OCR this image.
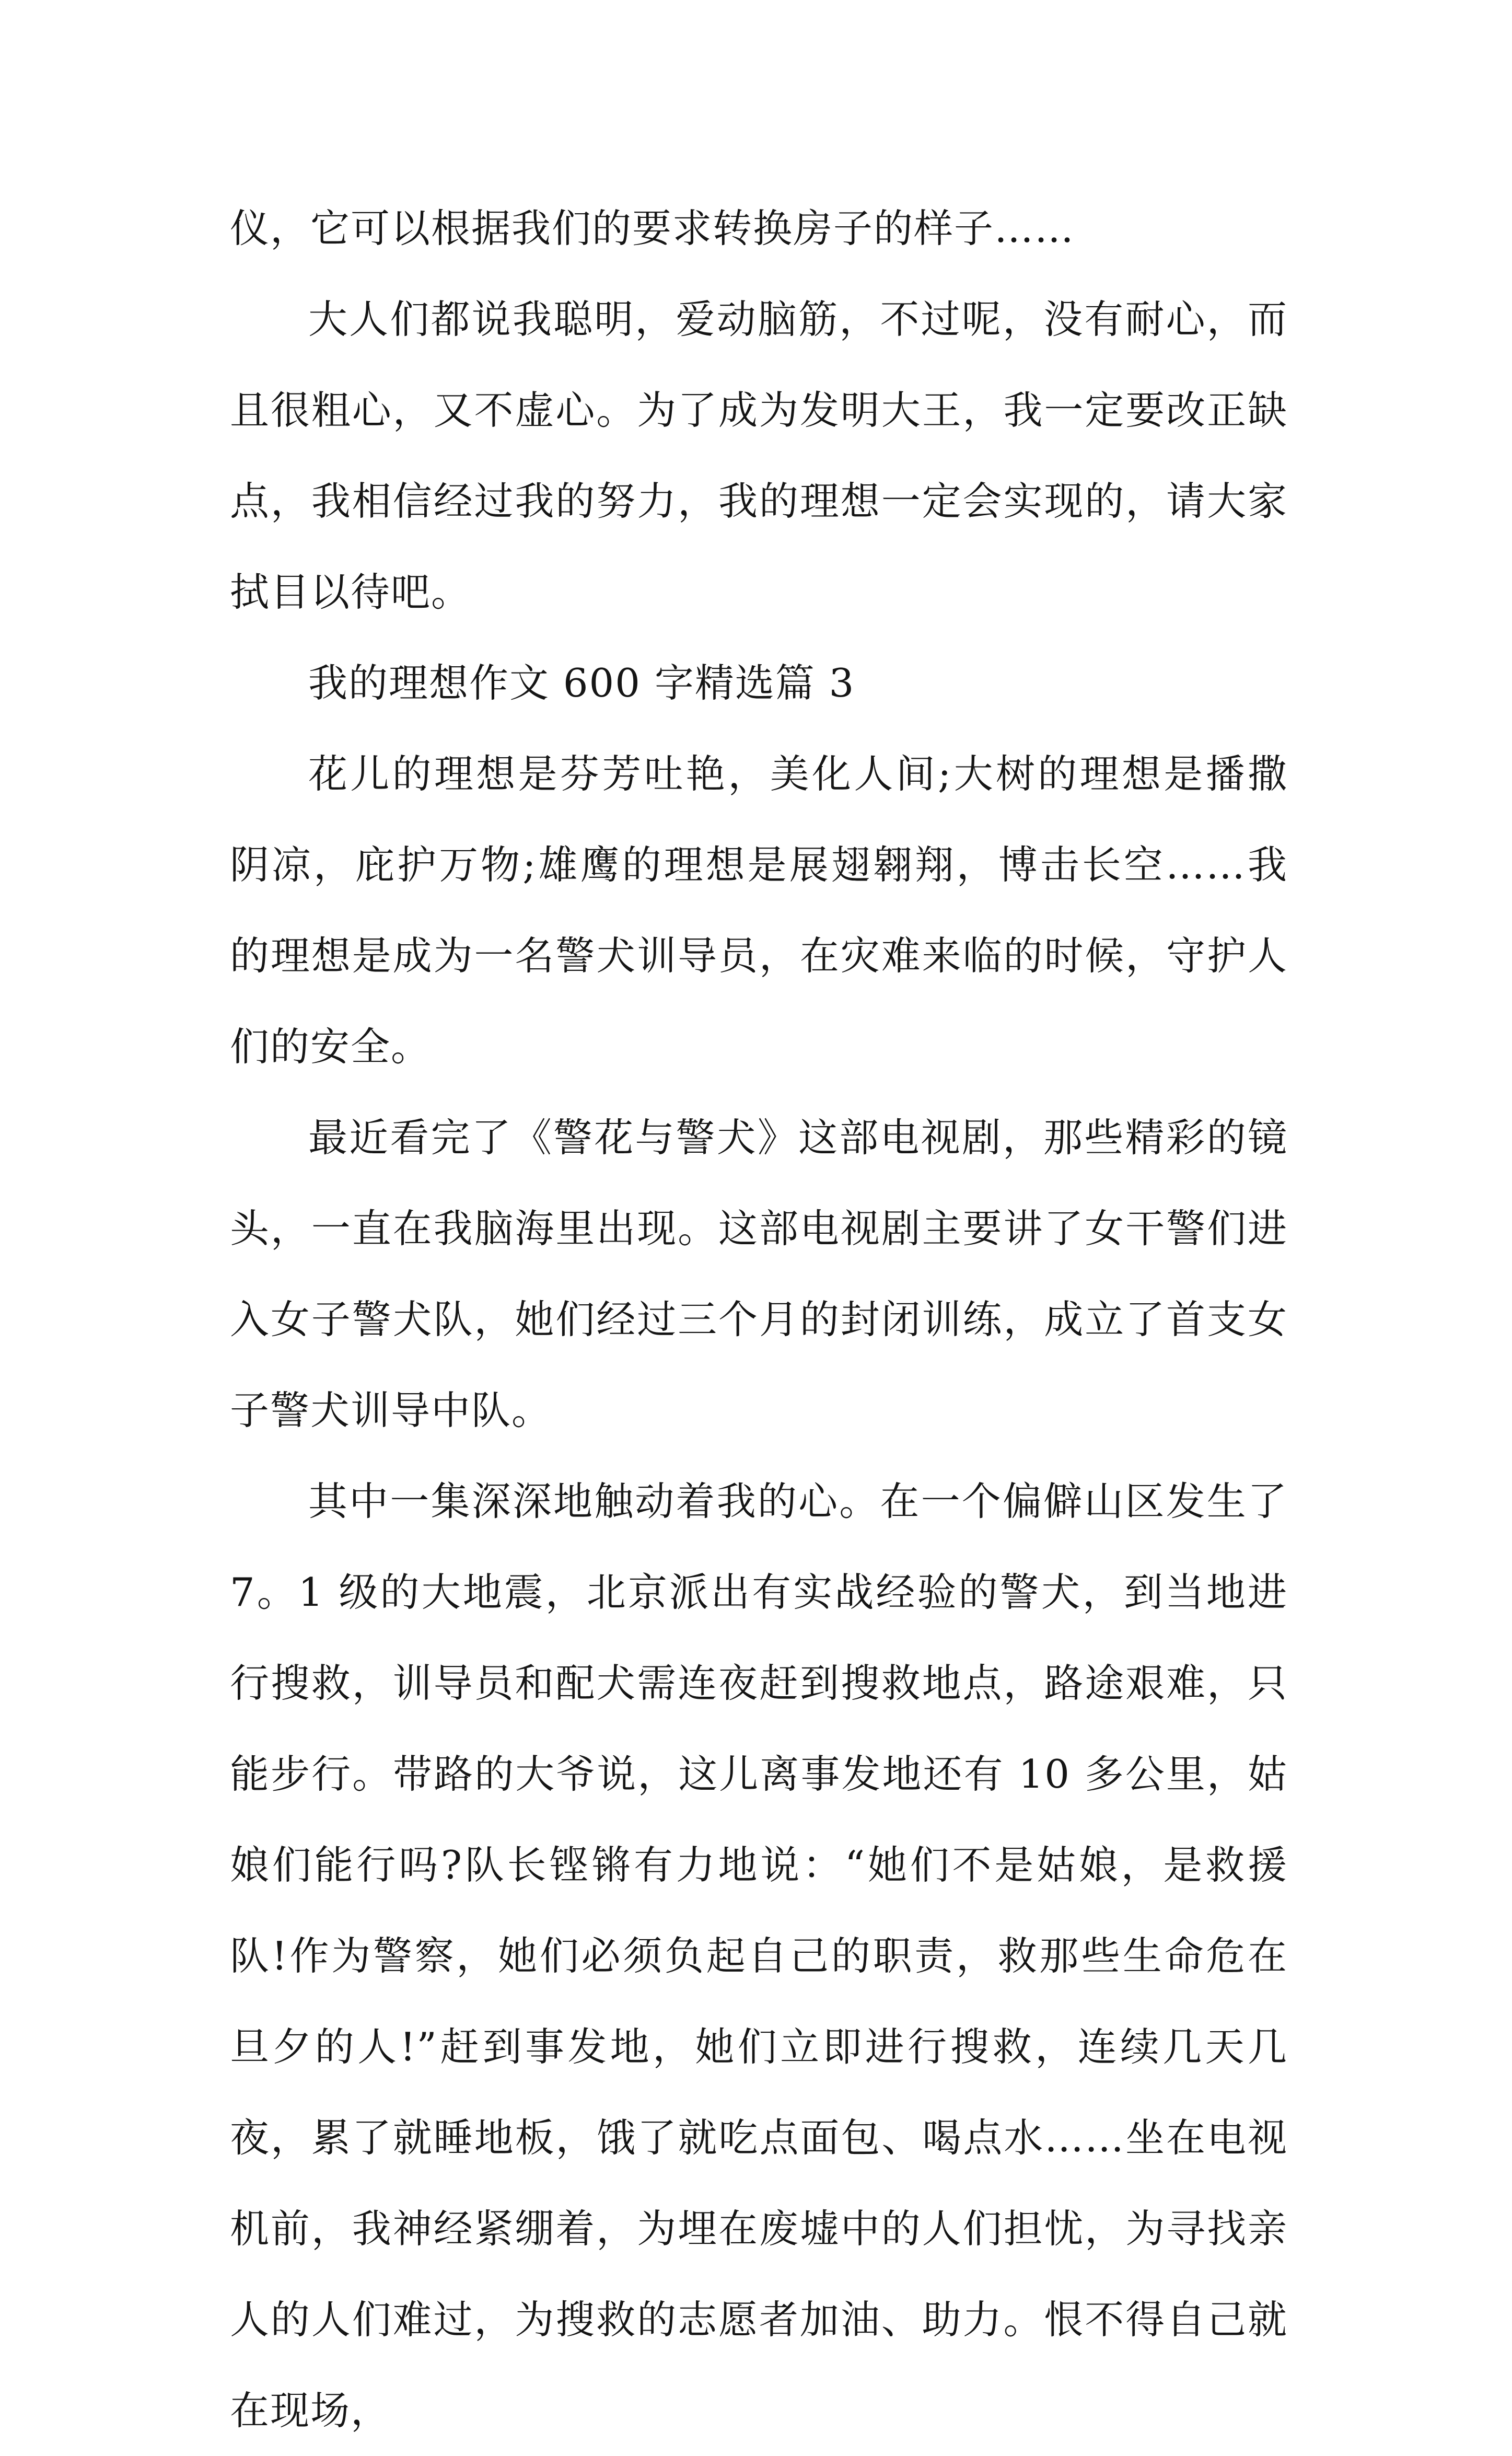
仪，它可以根据我们的要求转换房子的样子……

大人们都说我聪明，爱动脑筋，不过呢，没有耐心，而且很粗心，又不虚心。为了成为发明大王，我一定要改正缺点，我相信经过我的努力，我的理想一定会实现的，请大家拭目以待吧。

我的理想作文 600 字精选篇 3

花儿的理想是芬芳吐艳，美化人间;大树的理想是播撒阴凉，庇护万物;雄鹰的理想是展翅翱翔，博击长空……我的理想是成为一名警犬训导员，在灾难来临的时候，守护人们的安全。

最近看完了《警花与警犬》这部电视剧，那些精彩的镜头，一直在我脑海里出现。这部电视剧主要讲了女干警们进入女子警犬队，她们经过三个月的封闭训练，成立了首支女子警犬训导中队。

其中一集深深地触动着我的心。在一个偏僻山区发生了7。1 级的大地震，北京派出有实战经验的警犬，到当地进行搜救，训导员和配犬需连夜赶到搜救地点，路途艰难，只能步行。带路的大爷说，这儿离事发地还有 10 多公里，姑娘们能行吗?队长铿锵有力地说：“她们不是姑娘，是救援队!作为警察，她们必须负起自己的职责，救那些生命危在旦夕的人!”赶到事发地，她们立即进行搜救，连续几天几夜，累了就睡地板，饿了就吃点面包、喝点水……坐在电视机前，我神经紧绷着，为埋在废墟中的人们担忧，为寻找亲人的人们难过，为搜救的志愿者加油、助力。恨不得自己就在现场，
